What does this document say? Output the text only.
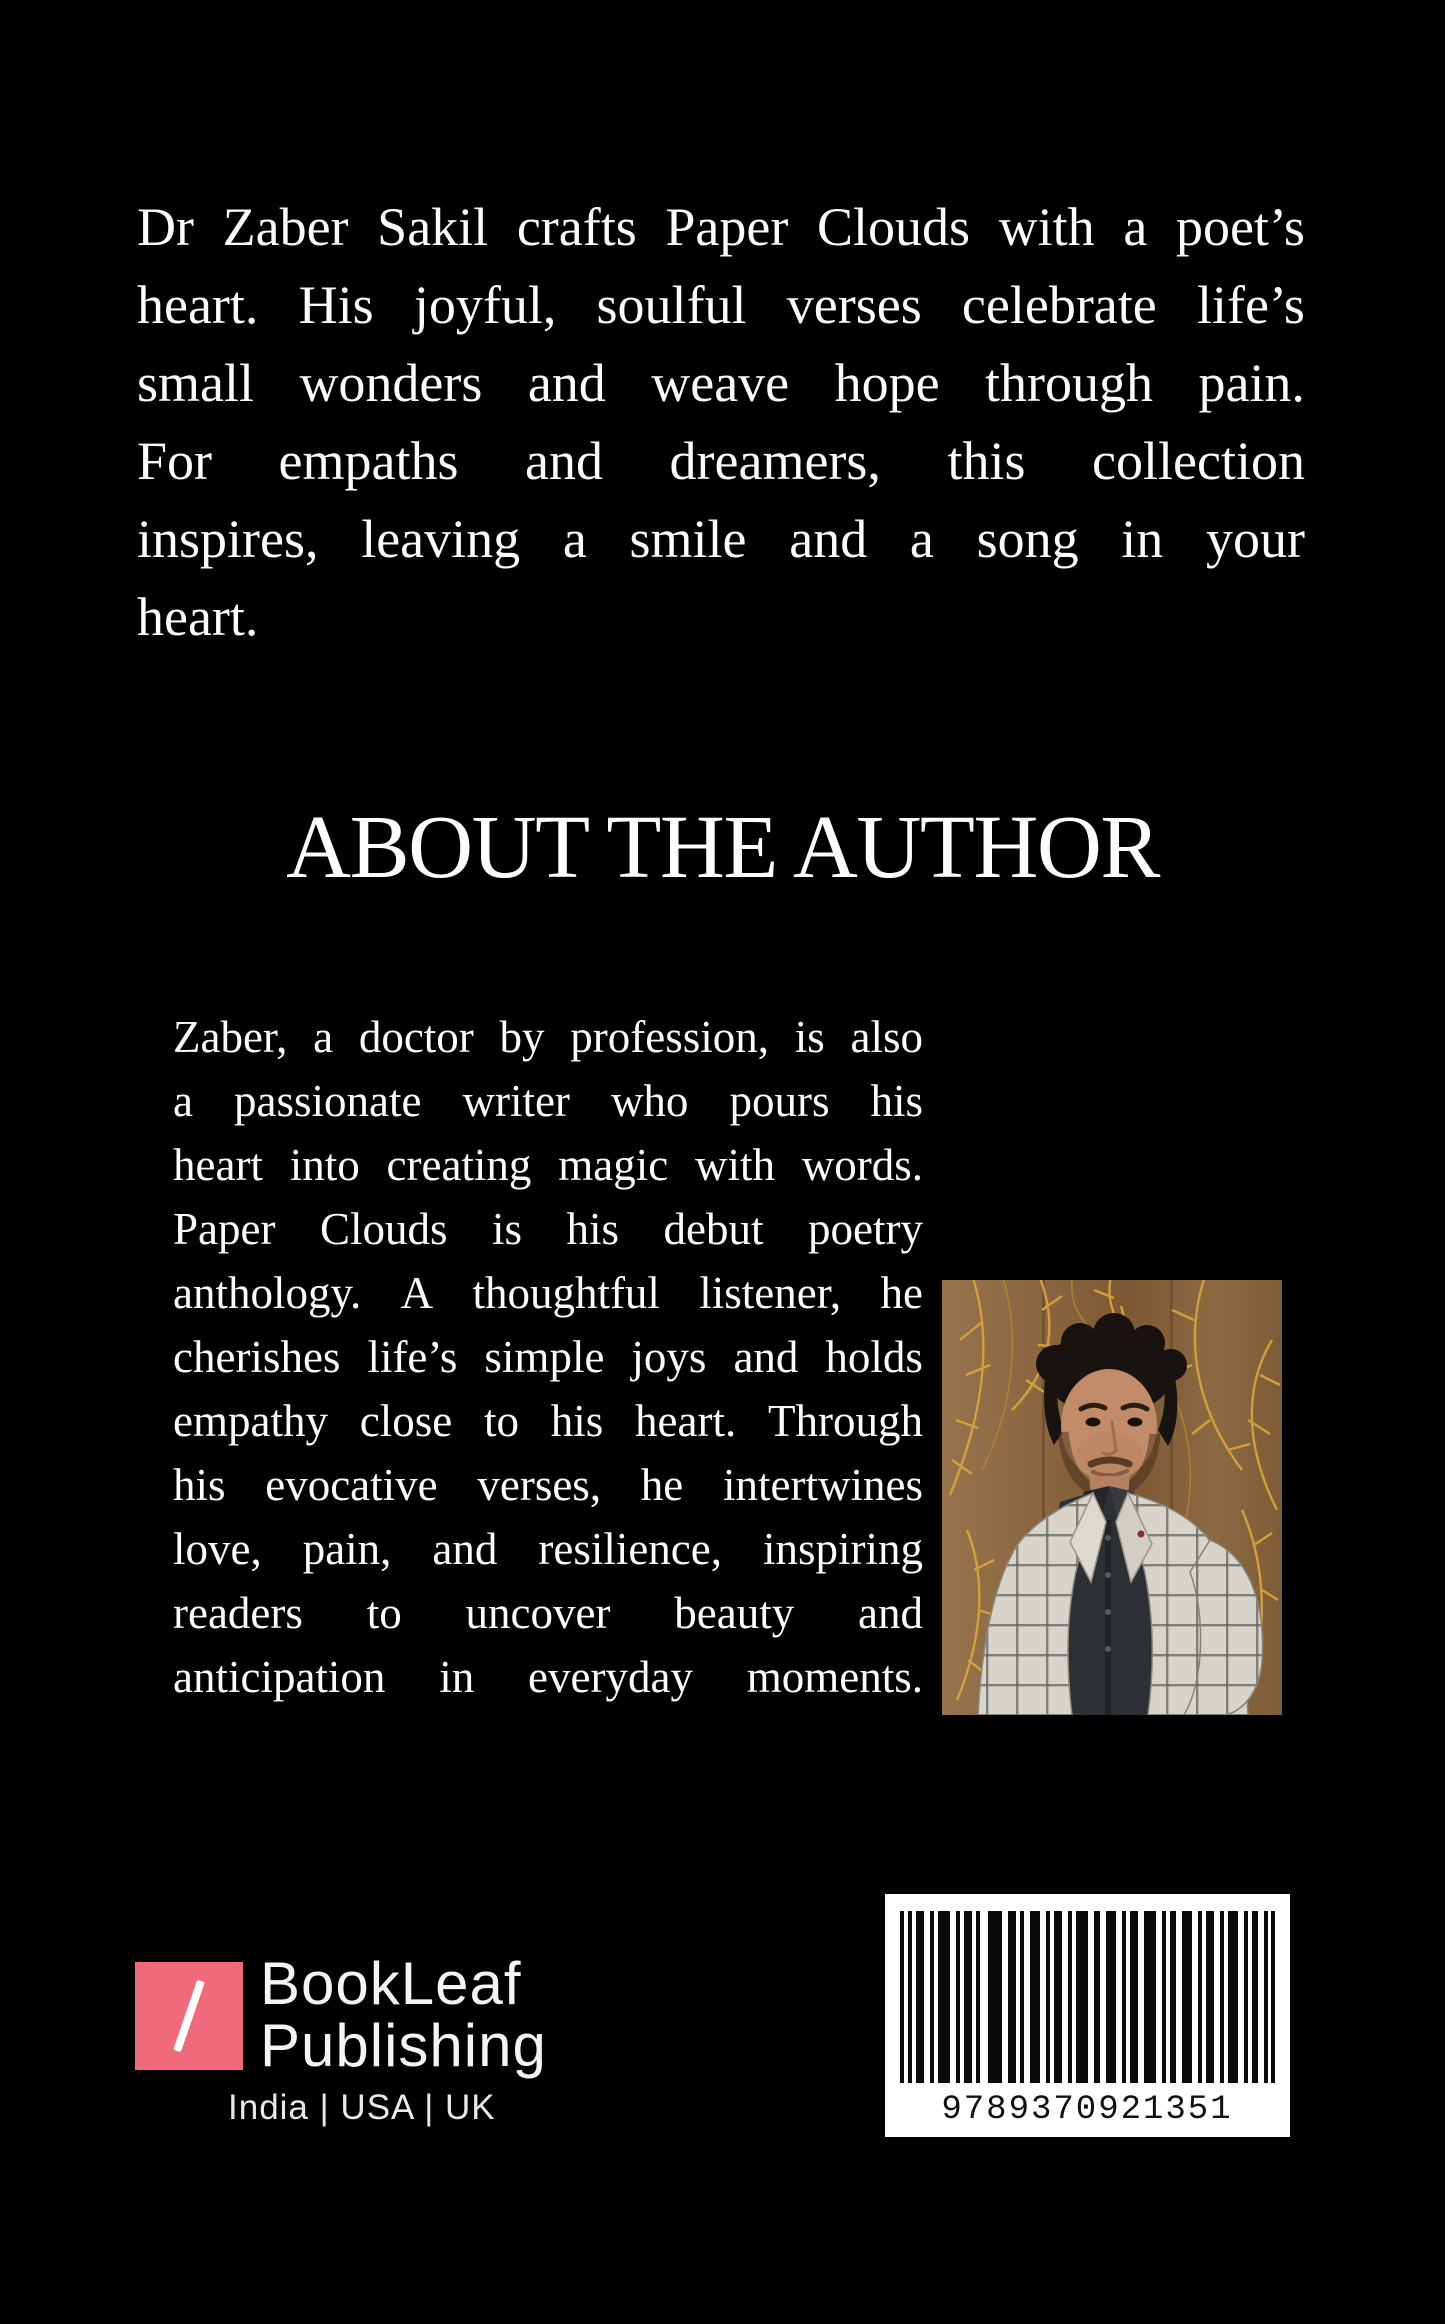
Dr Zaber Sakil crafts Paper Clouds with a poet’s
heart. His joyful, soulful verses celebrate life’s
small wonders and weave hope through pain.
For empaths and dreamers, this collection
inspires, leaving a smile and a song in your
heart.
ABOUT THE AUTHOR
Zaber, a doctor by profession, is also
a passionate writer who pours his
heart into creating magic with words.
Paper Clouds is his debut poetry
anthology. A thoughtful listener, he
cherishes life’s simple joys and holds
empathy close to his heart. Through
his evocative verses, he intertwines
love, pain, and resilience, inspiring
readers to uncover beauty and
anticipation in everyday moments.
BookLeaf
Publishing
India | USA | UK	9789370921351
